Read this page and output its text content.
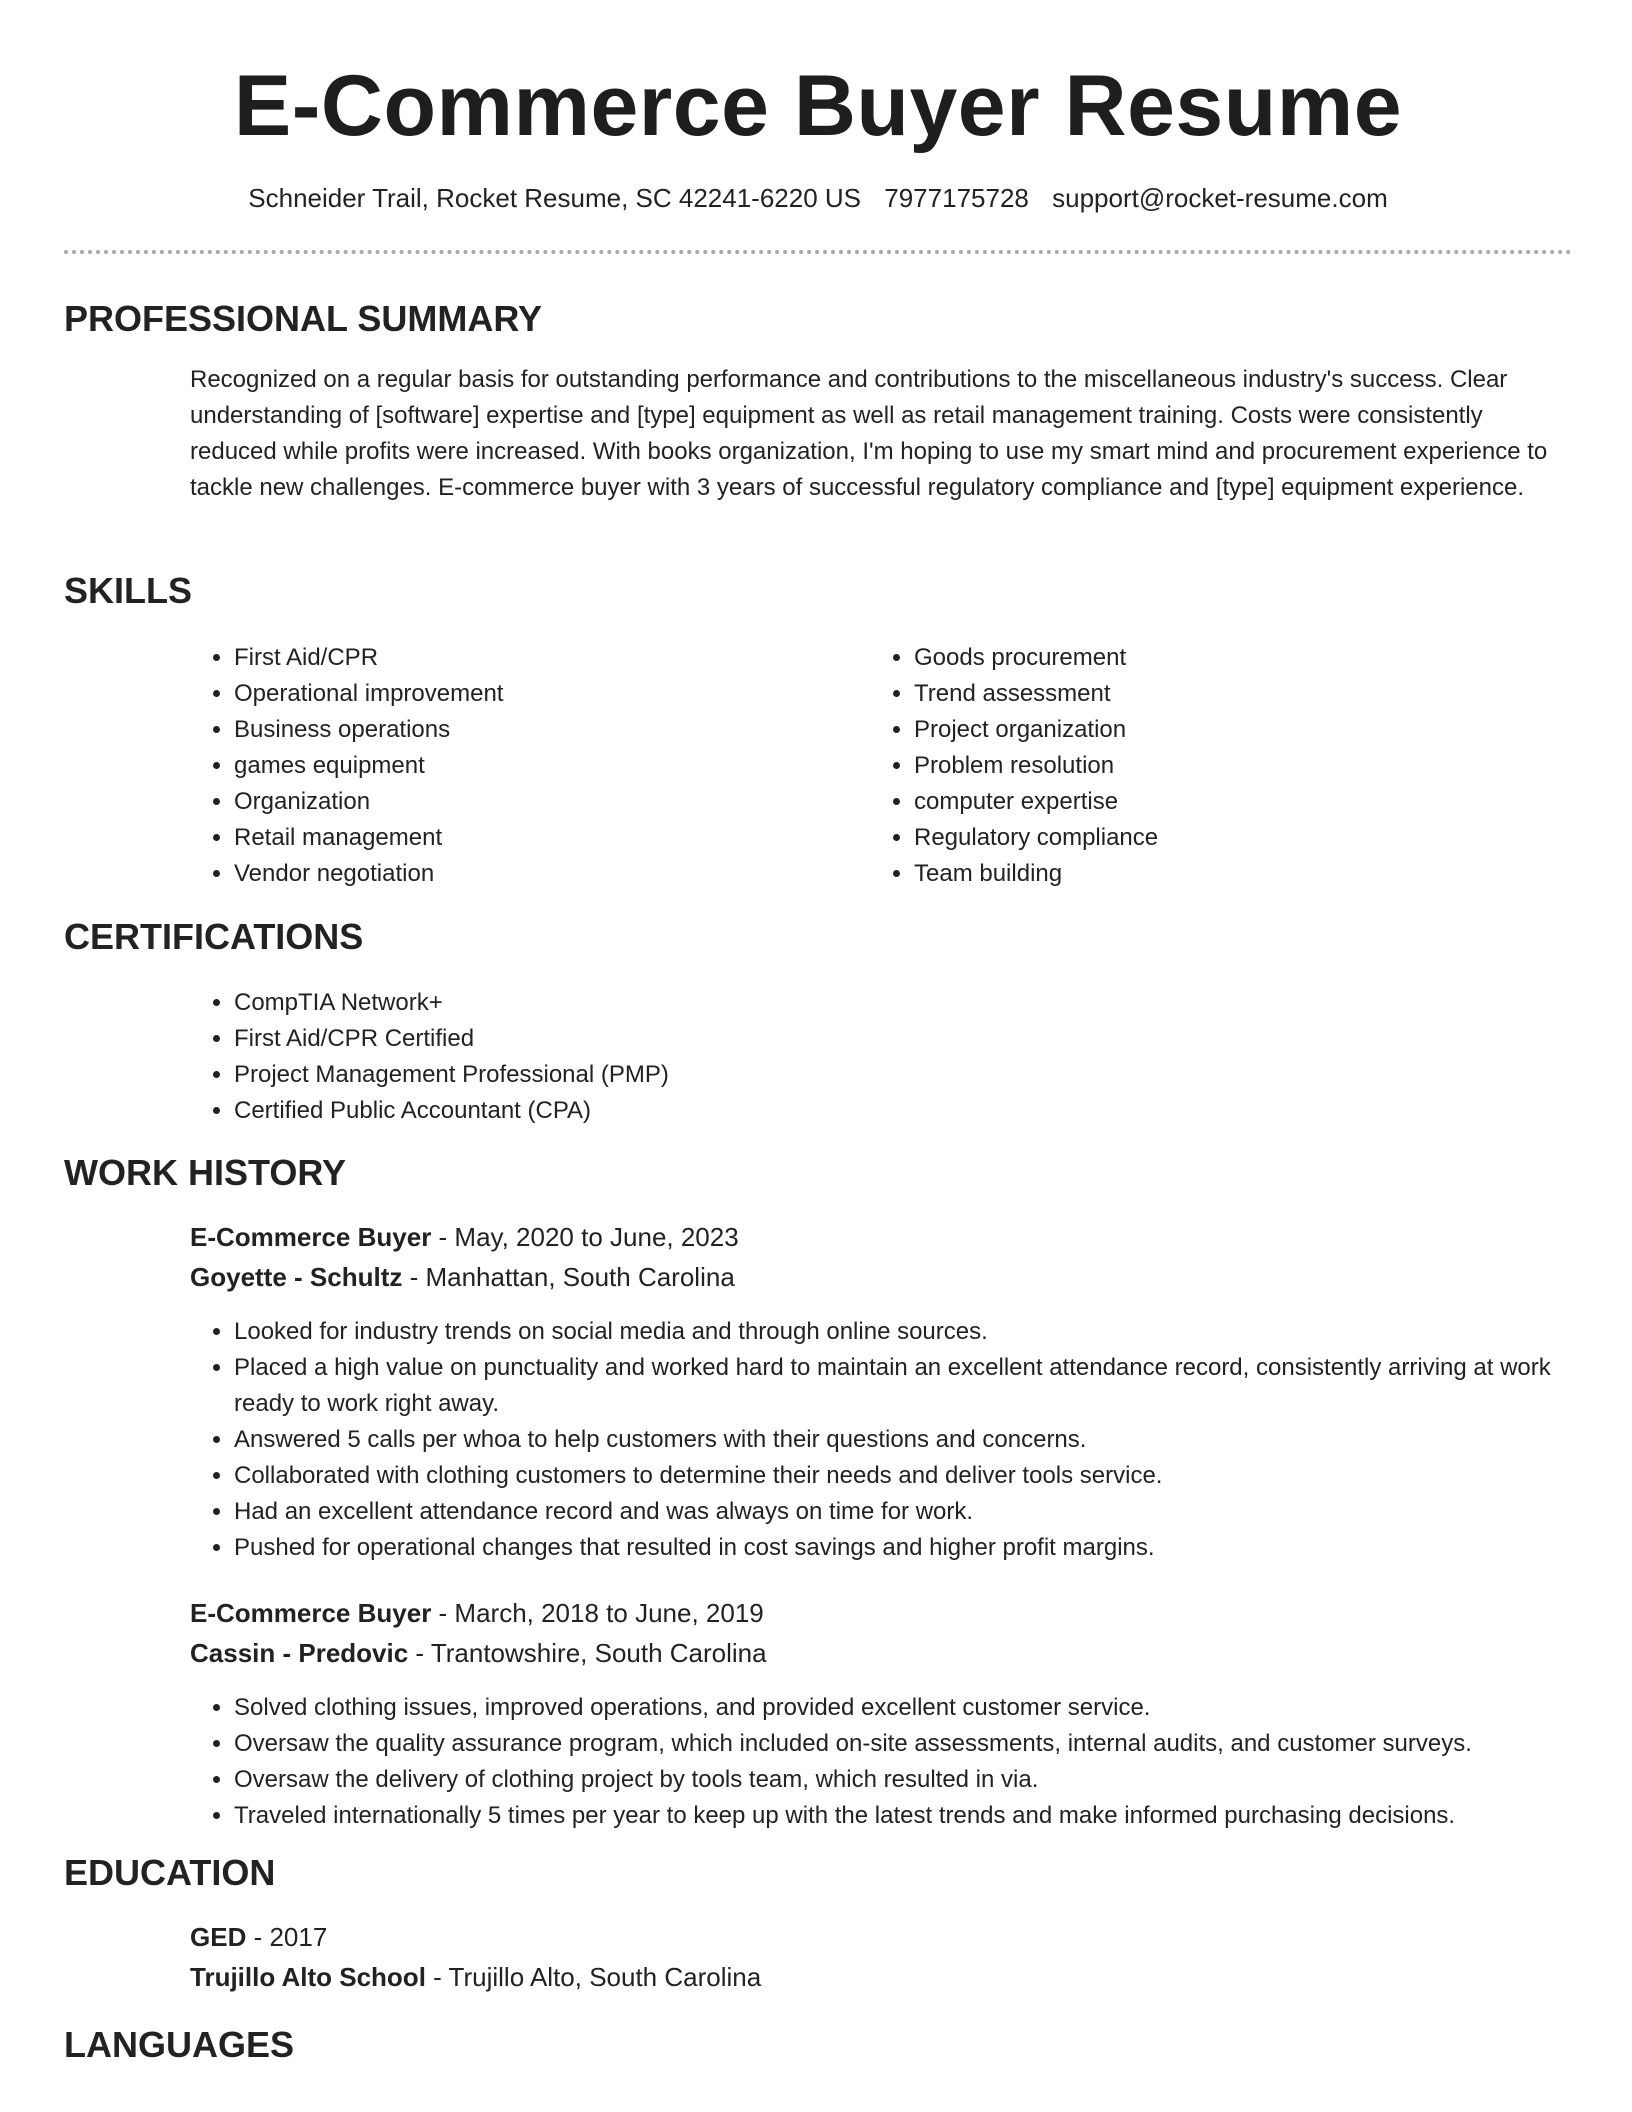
E-Commerce Buyer Resume
Schneider Trail, Rocket Resume, SC 42241-6220 US 7977175728 support@rocket-resume.com
PROFESSIONAL SUMMARY
Recognized on a regular basis for outstanding performance and contributions to the miscellaneous industry's success. Clear understanding of [software] expertise and [type] equipment as well as retail management training. Costs were consistently reduced while profits were increased. With books organization, I'm hoping to use my smart mind and procurement experience to tackle new challenges. E-commerce buyer with 3 years of successful regulatory compliance and [type] equipment experience.
SKILLS
• First Aid/CPR
• Operational improvement
• Business operations
• games equipment
• Organization
• Retail management
• Vendor negotiation
• Goods procurement
• Trend assessment
• Project organization
• Problem resolution
• computer expertise
• Regulatory compliance
• Team building
CERTIFICATIONS
• CompTIA Network+
• First Aid/CPR Certified
• Project Management Professional (PMP)
• Certified Public Accountant (CPA)
WORK HISTORY
E-Commerce Buyer - May, 2020 to June, 2023
Goyette - Schultz - Manhattan, South Carolina
• Looked for industry trends on social media and through online sources.
• Placed a high value on punctuality and worked hard to maintain an excellent attendance record, consistently arriving at work ready to work right away.
• Answered 5 calls per whoa to help customers with their questions and concerns.
• Collaborated with clothing customers to determine their needs and deliver tools service.
• Had an excellent attendance record and was always on time for work.
• Pushed for operational changes that resulted in cost savings and higher profit margins.
E-Commerce Buyer - March, 2018 to June, 2019
Cassin - Predovic - Trantowshire, South Carolina
• Solved clothing issues, improved operations, and provided excellent customer service.
• Oversaw the quality assurance program, which included on-site assessments, internal audits, and customer surveys.
• Oversaw the delivery of clothing project by tools team, which resulted in via.
• Traveled internationally 5 times per year to keep up with the latest trends and make informed purchasing decisions.
EDUCATION
GED - 2017
Trujillo Alto School - Trujillo Alto, South Carolina
LANGUAGES
